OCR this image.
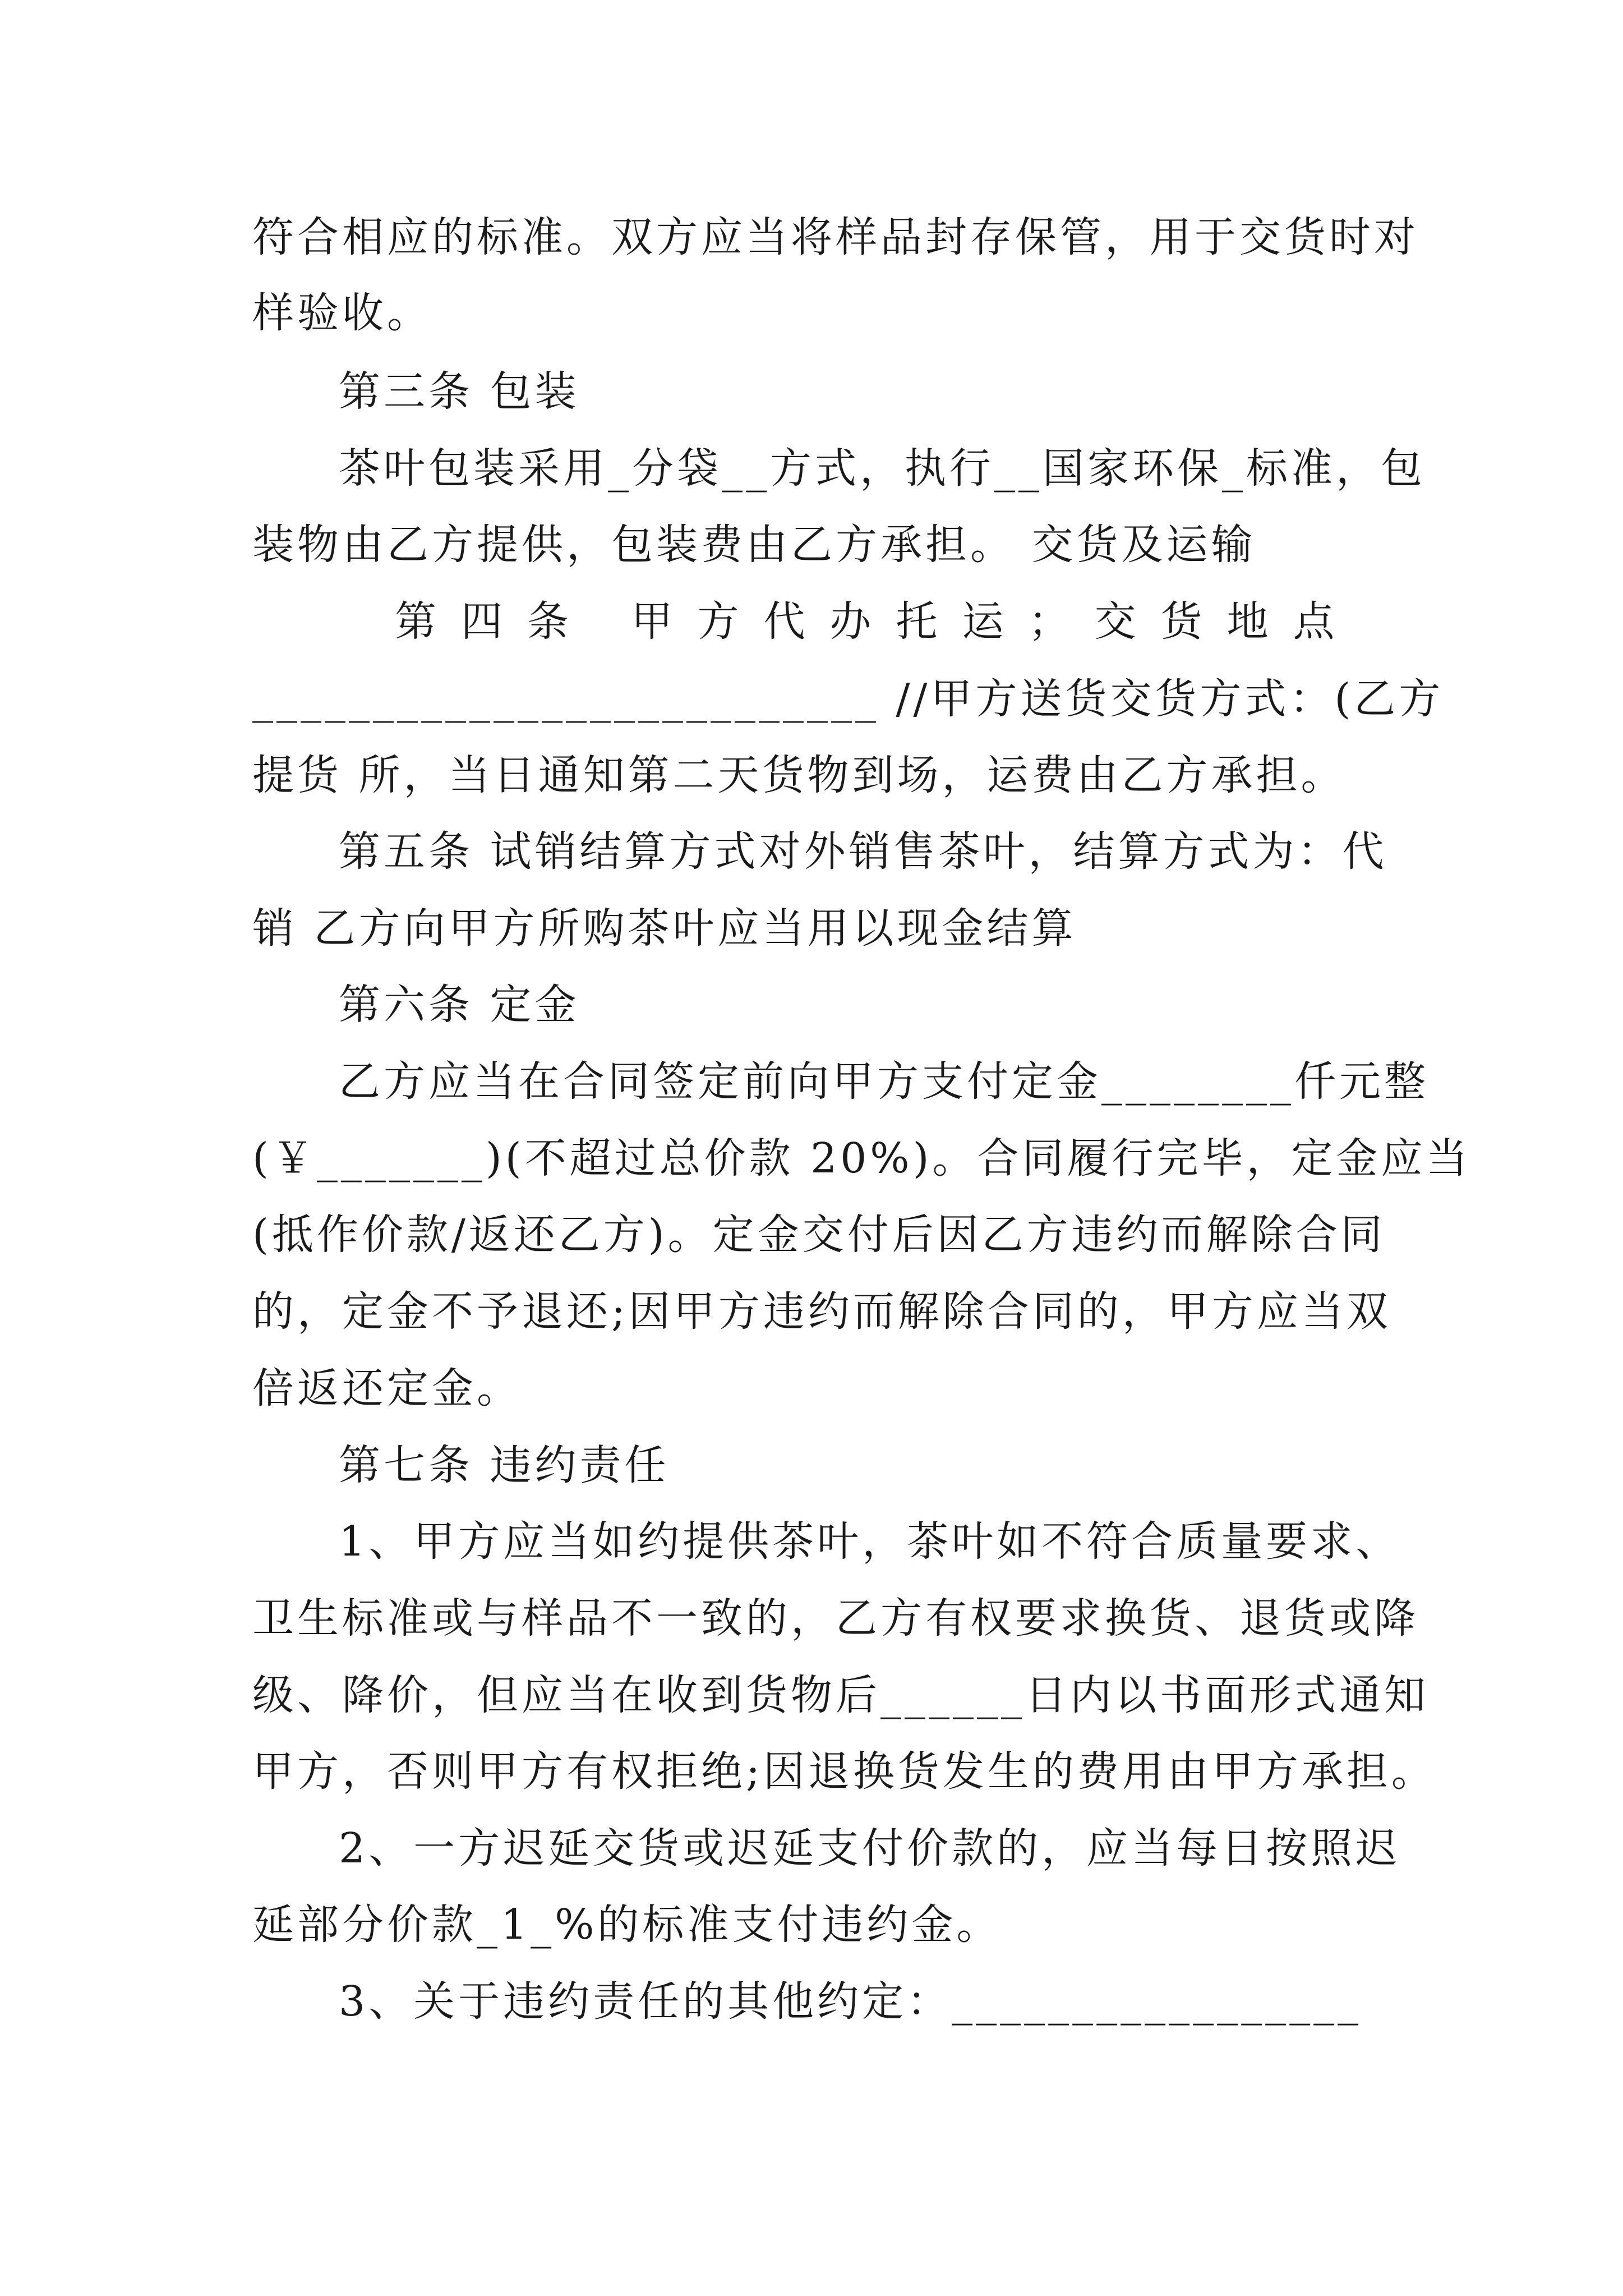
符合相应的标准。双方应当将样品封存保管，用于交货时对
样验收。
第三条 包装
茶叶包装采用_分袋__方式，执行__国家环保_标准，包
装物由乙方提供，包装费由乙方承担。 交货及运输
第四条 甲方代办托运；交货地点
__________________________ //甲方送货交货方式：(乙方
提货 所，当日通知第二天货物到场，运费由乙方承担。
第五条 试销结算方式对外销售茶叶，结算方式为：代
销 乙方向甲方所购茶叶应当用以现金结算
第六条 定金
乙方应当在合同签定前向甲方支付定金________仟元整
(￥_______)(不超过总价款 20%)。合同履行完毕，定金应当
(抵作价款/返还乙方)。定金交付后因乙方违约而解除合同
的，定金不予退还;因甲方违约而解除合同的，甲方应当双
倍返还定金。
第七条 违约责任
1、甲方应当如约提供茶叶，茶叶如不符合质量要求、
卫生标准或与样品不一致的，乙方有权要求换货、退货或降
级、降价，但应当在收到货物后______日内以书面形式通知
甲方，否则甲方有权拒绝;因退换货发生的费用由甲方承担。
2、一方迟延交货或迟延支付价款的，应当每日按照迟
延部分价款_1_%的标准支付违约金。
3、关于违约责任的其他约定：_________________
